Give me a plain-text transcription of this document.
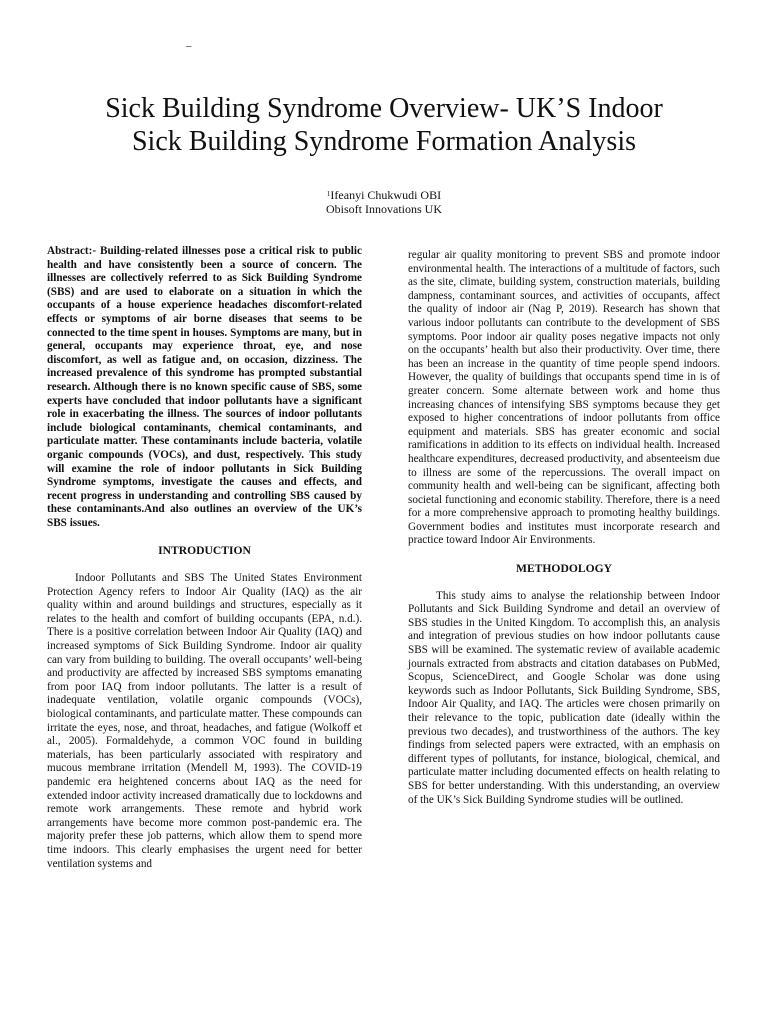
–
Sick Building Syndrome Overview- UK’S Indoor
Sick Building Syndrome Formation Analysis
$^1$Ifeanyi Chukwudi OBI
Obisoft Innovations UK

Abstract:- Building-related illnesses pose a critical risk to public health and have consistently been a source of concern. The illnesses are collectively referred to as Sick Building Syndrome (SBS) and are used to elaborate on a situation in which the occupants of a house experience headaches discomfort-related effects or symptoms of air borne diseases that seems to be connected to the time spent in houses. Symptoms are many, but in general, occupants may experience throat, eye, and nose discomfort, as well as fatigue and, on occasion, dizziness. The increased prevalence of this syndrome has prompted substantial research. Although there is no known specific cause of SBS, some experts have concluded that indoor pollutants have a significant role in exacerbating the illness. The sources of indoor pollutants include biological contaminants, chemical contaminants, and particulate matter. These contaminants include bacteria, volatile organic compounds (VOCs), and dust, respectively. This study will examine the role of indoor pollutants in Sick Building Syndrome symptoms, investigate the causes and effects, and recent progress in understanding and controlling SBS caused by these contaminants.And also outlines an overview of the UK’s SBS issues.

INTRODUCTION

Indoor Pollutants and SBS The United States Environment Protection Agency refers to Indoor Air Quality (IAQ) as the air quality within and around buildings and structures, especially as it relates to the health and comfort of building occupants (EPA, n.d.). There is a positive correlation between Indoor Air Quality (IAQ) and increased symptoms of Sick Building Syndrome. Indoor air quality can vary from building to building. The overall occupants’ well-being and productivity are affected by increased SBS symptoms emanating from poor IAQ from indoor pollutants. The latter is a result of inadequate ventilation, volatile organic compounds (VOCs), biological contaminants, and particulate matter. These compounds can irritate the eyes, nose, and throat, headaches, and fatigue (Wolkoff et al., 2005). Formaldehyde, a common VOC found in building materials, has been particularly associated with respiratory and mucous membrane irritation (Mendell M, 1993). The COVID-19 pandemic era heightened concerns about IAQ as the need for extended indoor activity increased dramatically due to lockdowns and remote work arrangements. These remote and hybrid work arrangements have become more common post-pandemic era. The majority prefer these job patterns, which allow them to spend more time indoors. This clearly emphasises the urgent need for better ventilation systems and

regular air quality monitoring to prevent SBS and promote indoor environmental health. The interactions of a multitude of factors, such as the site, climate, building system, construction materials, building dampness, contaminant sources, and activities of occupants, affect the quality of indoor air (Nag P, 2019). Research has shown that various indoor pollutants can contribute to the development of SBS symptoms. Poor indoor air quality poses negative impacts not only on the occupants’ health but also their productivity. Over time, there has been an increase in the quantity of time people spend indoors. However, the quality of buildings that occupants spend time in is of greater concern. Some alternate between work and home thus increasing chances of intensifying SBS symptoms because they get exposed to higher concentrations of indoor pollutants from office equipment and materials. SBS has greater economic and social ramifications in addition to its effects on individual health. Increased healthcare expenditures, decreased productivity, and absenteeism due to illness are some of the repercussions. The overall impact on community health and well-being can be significant, affecting both societal functioning and economic stability. Therefore, there is a need for a more comprehensive approach to promoting healthy buildings. Government bodies and institutes must incorporate research and practice toward Indoor Air Environments.

METHODOLOGY

This study aims to analyse the relationship between Indoor Pollutants and Sick Building Syndrome and detail an overview of SBS studies in the United Kingdom. To accomplish this, an analysis and integration of previous studies on how indoor pollutants cause SBS will be examined. The systematic review of available academic journals extracted from abstracts and citation databases on PubMed, Scopus, ScienceDirect, and Google Scholar was done using keywords such as Indoor Pollutants, Sick Building Syndrome, SBS, Indoor Air Quality, and IAQ. The articles were chosen primarily on their relevance to the topic, publication date (ideally within the previous two decades), and trustworthiness of the authors. The key findings from selected papers were extracted, with an emphasis on different types of pollutants, for instance, biological, chemical, and particulate matter including documented effects on health relating to SBS for better understanding. With this understanding, an overview of the UK’s Sick Building Syndrome studies will be outlined.
